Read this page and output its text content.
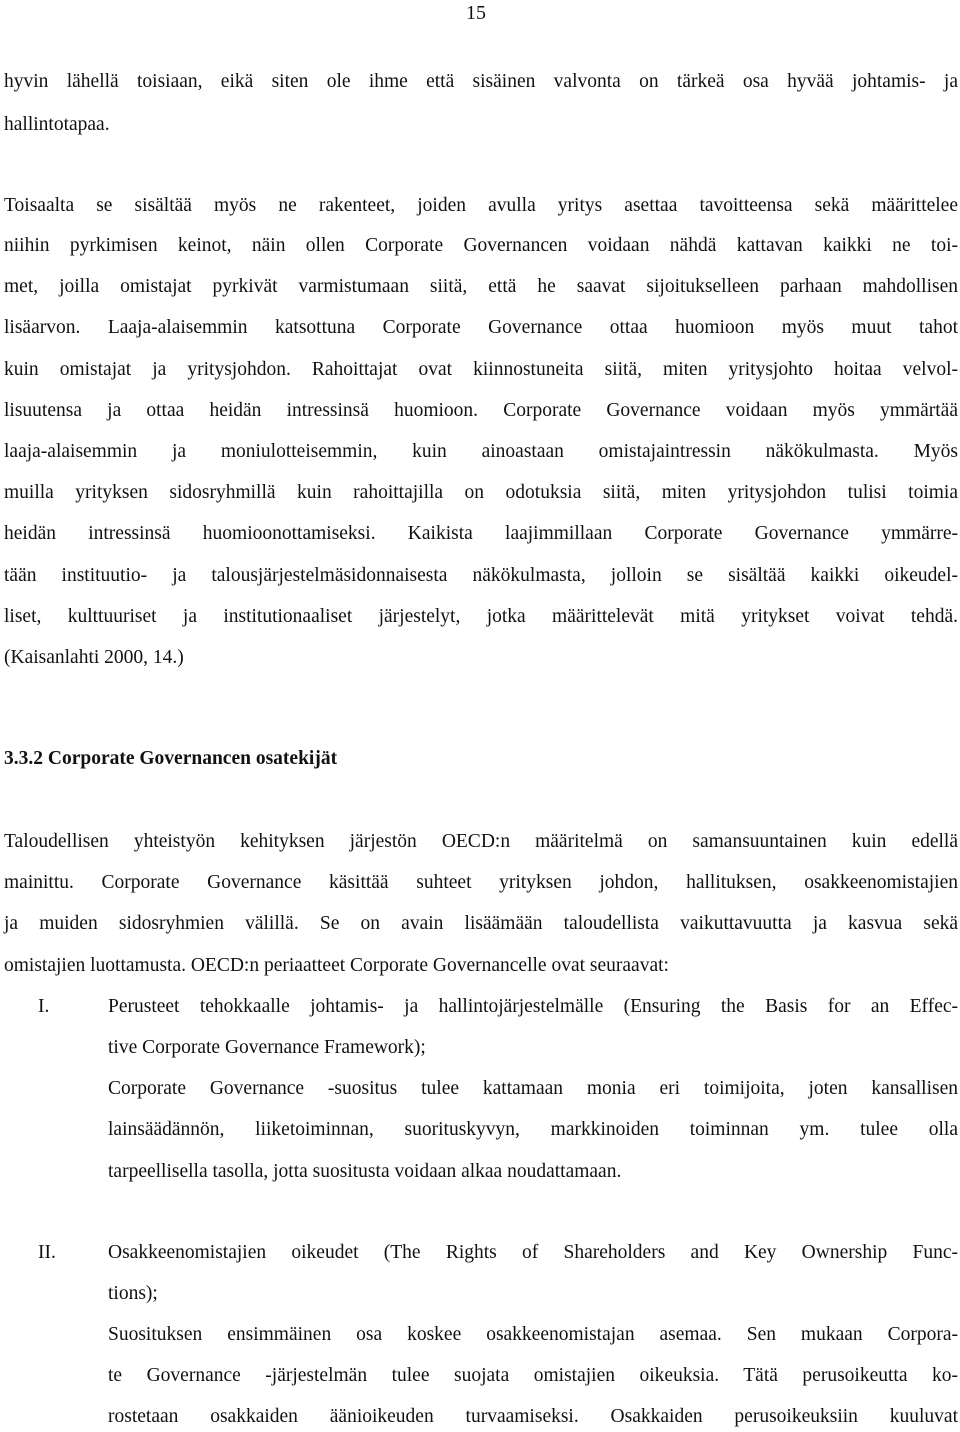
15
hyvin lähellä toisiaan, eikä siten ole ihme että sisäinen valvonta on tärkeä osa hyvää johtamis- ja
hallintotapaa.
Toisaalta se sisältää myös ne rakenteet, joiden avulla yritys asettaa tavoitteensa sekä määrittelee
niihin pyrkimisen keinot, näin ollen Corporate Governancen voidaan nähdä kattavan kaikki ne toi-
met, joilla omistajat pyrkivät varmistumaan siitä, että he saavat sijoitukselleen parhaan mahdollisen
lisäarvon. Laaja-alaisemmin katsottuna Corporate Governance ottaa huomioon myös muut tahot
kuin omistajat ja yritysjohdon. Rahoittajat ovat kiinnostuneita siitä, miten yritysjohto hoitaa velvol-
lisuutensa ja ottaa heidän intressinsä huomioon. Corporate Governance voidaan myös ymmärtää
laaja-alaisemmin ja moniulotteisemmin, kuin ainoastaan omistajaintressin näkökulmasta. Myös
muilla yrityksen sidosryhmillä kuin rahoittajilla on odotuksia siitä, miten yritysjohdon tulisi toimia
heidän intressinsä huomioonottamiseksi. Kaikista laajimmillaan Corporate Governance ymmärre-
tään instituutio- ja talousjärjestelmäsidonnaisesta näkökulmasta, jolloin se sisältää kaikki oikeudel-
liset, kulttuuriset ja institutionaaliset järjestelyt, jotka määrittelevät mitä yritykset voivat tehdä.
(Kaisanlahti 2000, 14.)
3.3.2 Corporate Governancen osatekijät
Taloudellisen yhteistyön kehityksen järjestön OECD:n määritelmä on samansuuntainen kuin edellä
mainittu. Corporate Governance käsittää suhteet yrityksen johdon, hallituksen, osakkeenomistajien
ja muiden sidosryhmien välillä. Se on avain lisäämään taloudellista vaikuttavuutta ja kasvua sekä
omistajien luottamusta. OECD:n periaatteet Corporate Governancelle ovat seuraavat:
I.	Perusteet tehokkaalle johtamis- ja hallintojärjestelmälle (Ensuring the Basis for an Effec-
tive Corporate Governance Framework);
Corporate Governance -suositus tulee kattamaan monia eri toimijoita, joten kansallisen
lainsäädännön, liiketoiminnan, suorituskyvyn, markkinoiden toiminnan ym. tulee olla
tarpeellisella tasolla, jotta suositusta voidaan alkaa noudattamaan.
II.	Osakkeenomistajien oikeudet (The Rights of Shareholders and Key Ownership Func-
tions);
Suosituksen ensimmäinen osa koskee osakkeenomistajan asemaa. Sen mukaan Corpora-
te Governance -järjestelmän tulee suojata omistajien oikeuksia. Tätä perusoikeutta ko-
rostetaan osakkaiden äänioikeuden turvaamiseksi. Osakkaiden perusoikeuksiin kuuluvat
